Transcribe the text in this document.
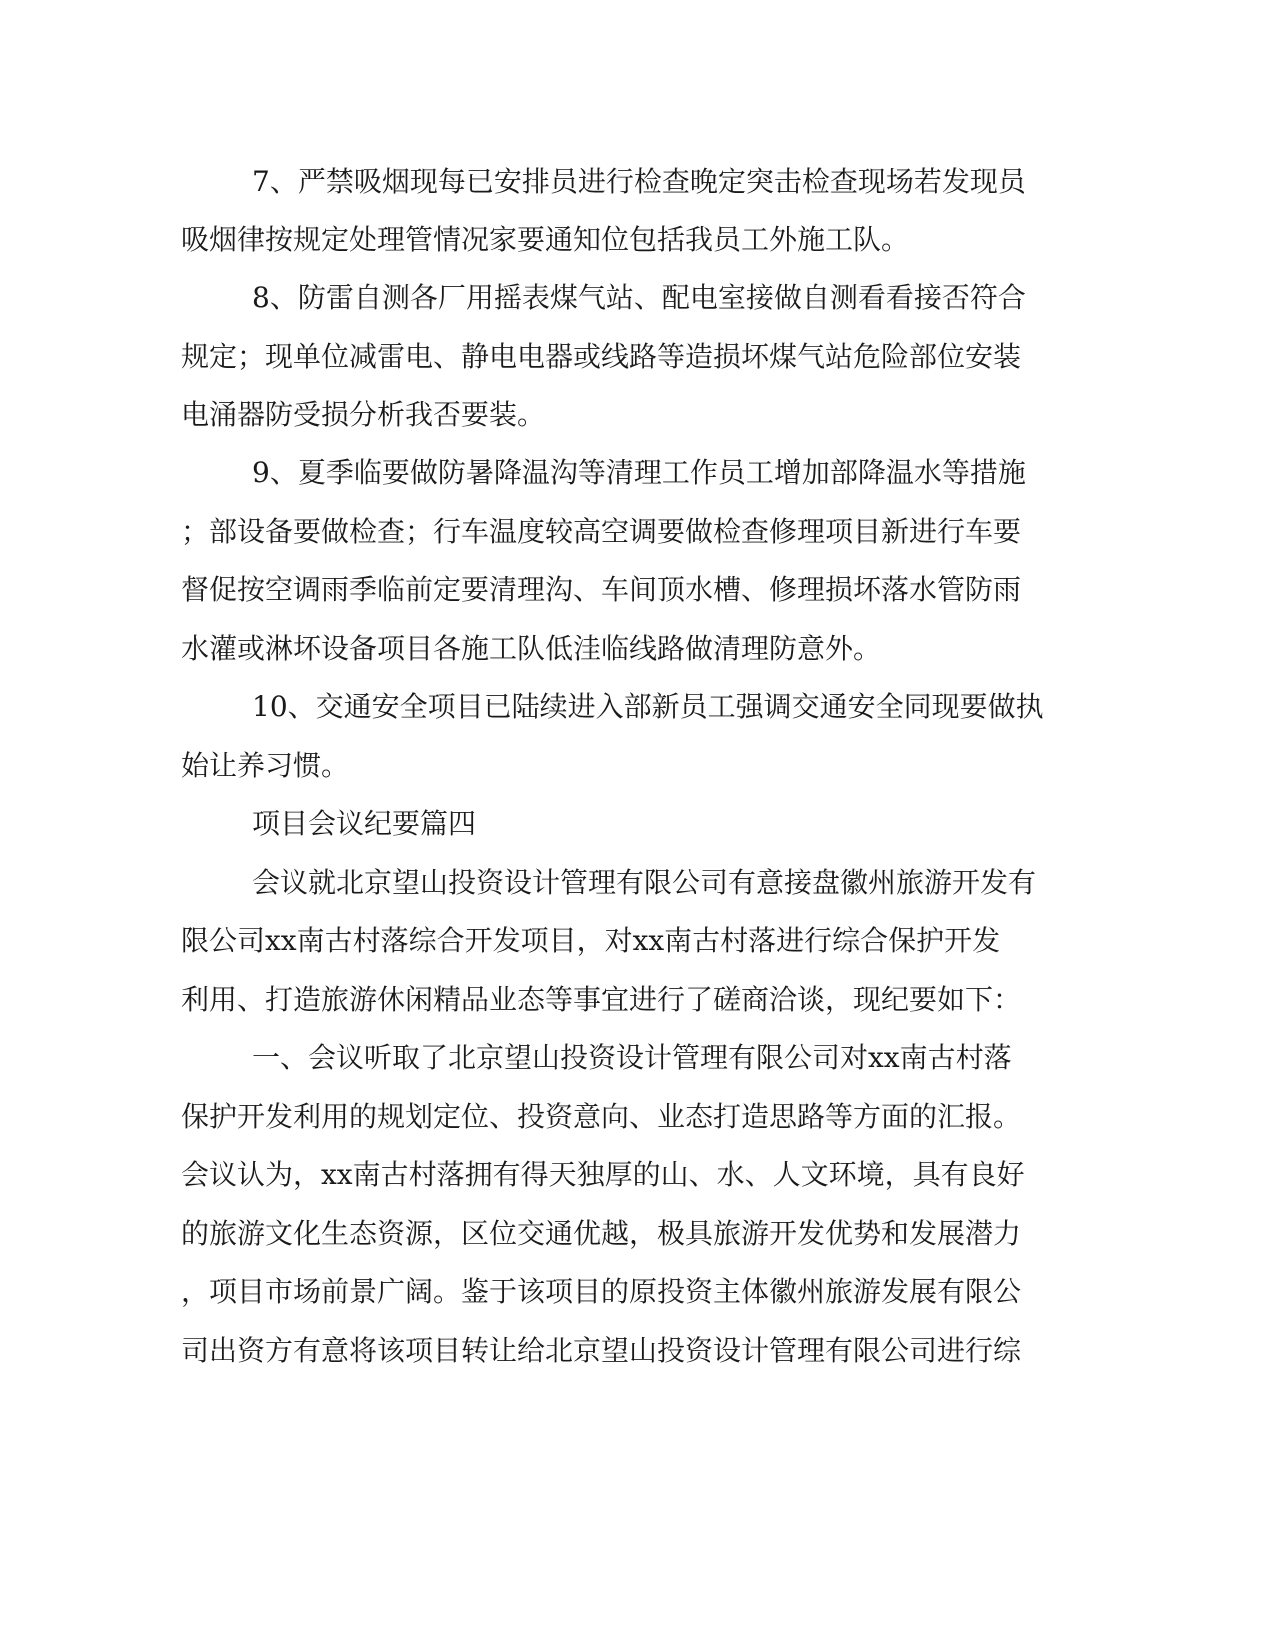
7、严禁吸烟现每已安排员进行检查晚定突击检查现场若发现员

吸烟律按规定处理管情况家要通知位包括我员工外施工队。

8、防雷自测各厂用摇表煤气站、配电室接做自测看看接否符合

规定；现单位减雷电、静电电器或线路等造损坏煤气站危险部位安装

电涌器防受损分析我否要装。

9、夏季临要做防暑降温沟等清理工作员工增加部降温水等措施

；部设备要做检查；行车温度较高空调要做检查修理项目新进行车要

督促按空调雨季临前定要清理沟、车间顶水槽、修理损坏落水管防雨

水灌或淋坏设备项目各施工队低洼临线路做清理防意外。

10、交通安全项目已陆续进入部新员工强调交通安全同现要做执

始让养习惯。

项目会议纪要篇四

会议就北京望山投资设计管理有限公司有意接盘徽州旅游开发有

限公司xx南古村落综合开发项目，对xx南古村落进行综合保护开发

利用、打造旅游休闲精品业态等事宜进行了磋商洽谈，现纪要如下：

一、会议听取了北京望山投资设计管理有限公司对xx南古村落

保护开发利用的规划定位、投资意向、业态打造思路等方面的汇报。

会议认为，xx南古村落拥有得天独厚的山、水、人文环境，具有良好

的旅游文化生态资源，区位交通优越，极具旅游开发优势和发展潜力

，项目市场前景广阔。鉴于该项目的原投资主体徽州旅游发展有限公

司出资方有意将该项目转让给北京望山投资设计管理有限公司进行综
